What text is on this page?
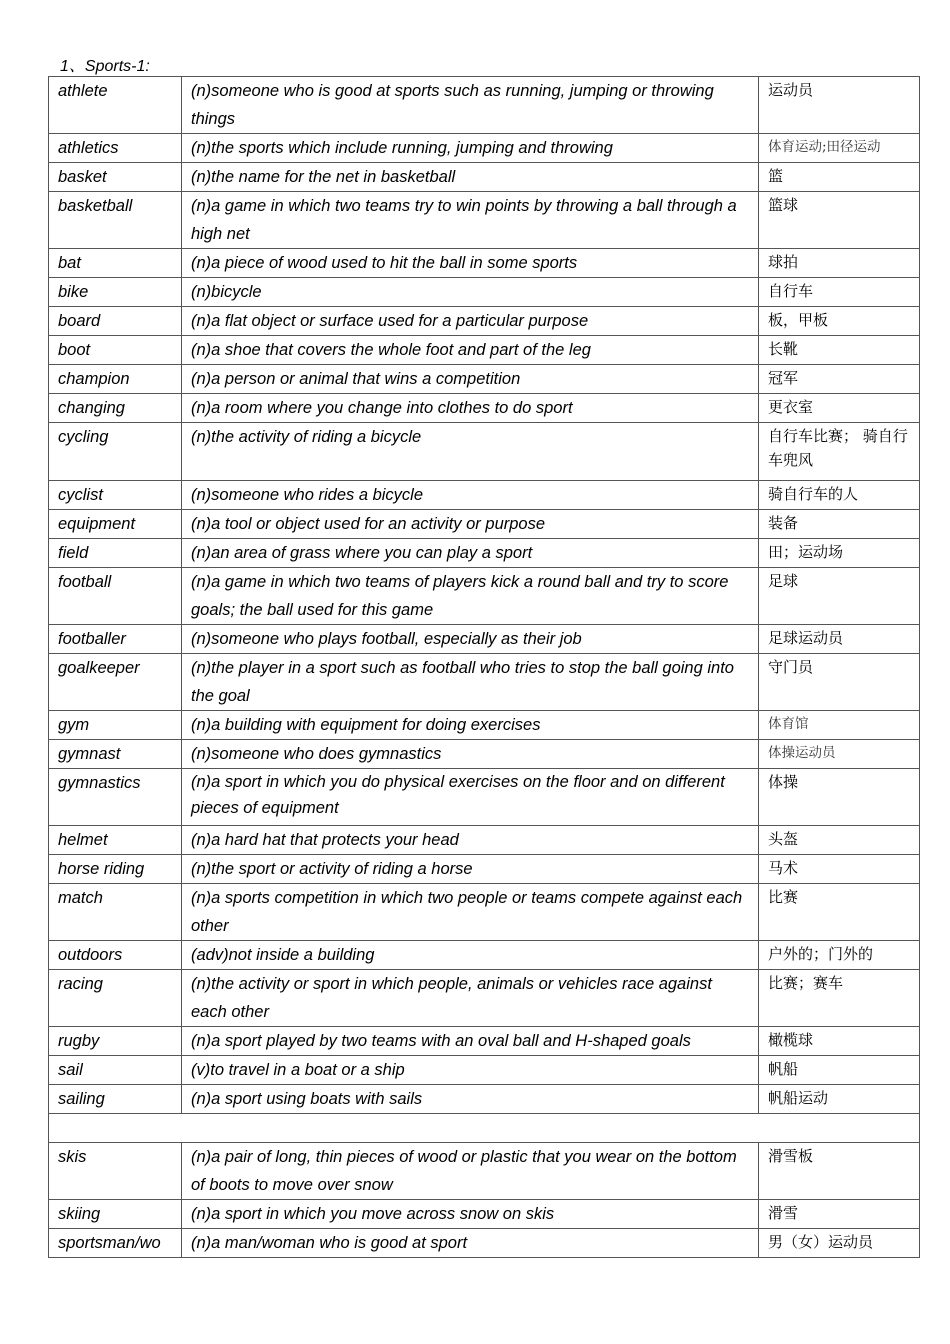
1、Sports-1:
athlete	(n)someone who is good at sports such as running, jumping or throwing things	运动员
athletics	(n)the sports which include running, jumping and throwing	体育运动;田径运动
basket	(n)the name for the net in basketball	篮
basketball	(n)a game in which two teams try to win points by throwing a ball through a high net	篮球
bat	(n)a piece of wood used to hit the ball in some sports	球拍
bike	(n)bicycle	自行车
board	(n)a flat object or surface used for a particular purpose	板，甲板
boot	(n)a shoe that covers the whole foot and part of the leg	长靴
champion	(n)a person or animal that wins a competition	冠军
changing	(n)a room where you change into clothes to do sport	更衣室
cycling	(n)the activity of riding a bicycle	自行车比赛； 骑自行车兜风
cyclist	(n)someone who rides a bicycle	骑自行车的人
equipment	(n)a tool or object used for an activity or purpose	装备
field	(n)an area of grass where you can play a sport	田；运动场
football	(n)a game in which two teams of players kick a round ball and try to score goals; the ball used for this game	足球
footballer	(n)someone who plays football, especially as their job	足球运动员
goalkeeper	(n)the player in a sport such as football who tries to stop the ball going into the goal	守门员
gym	(n)a building with equipment for doing exercises	体育馆
gymnast	(n)someone who does gymnastics	体操运动员
gymnastics	(n)a sport in which you do physical exercises on the floor and on different pieces of equipment	体操
helmet	(n)a hard hat that protects your head	头盔
horse riding	(n)the sport or activity of riding a horse	马术
match	(n)a sports competition in which two people or teams compete against each other	比赛
outdoors	(adv)not inside a building	户外的；门外的
racing	(n)the activity or sport in which people, animals or vehicles race against each other	比赛；赛车
rugby	(n)a sport played by two teams with an oval ball and H-shaped goals	橄榄球
sail	(v)to travel in a boat or a ship	帆船
sailing	(n)a sport using boats with sails	帆船运动

skis	(n)a pair of long, thin pieces of wood or plastic that you wear on the bottom of boots to move over snow	滑雪板
skiing	(n)a sport in which you move across snow on skis	滑雪
sportsman/wo	(n)a man/woman who is good at sport	男（女）运动员
